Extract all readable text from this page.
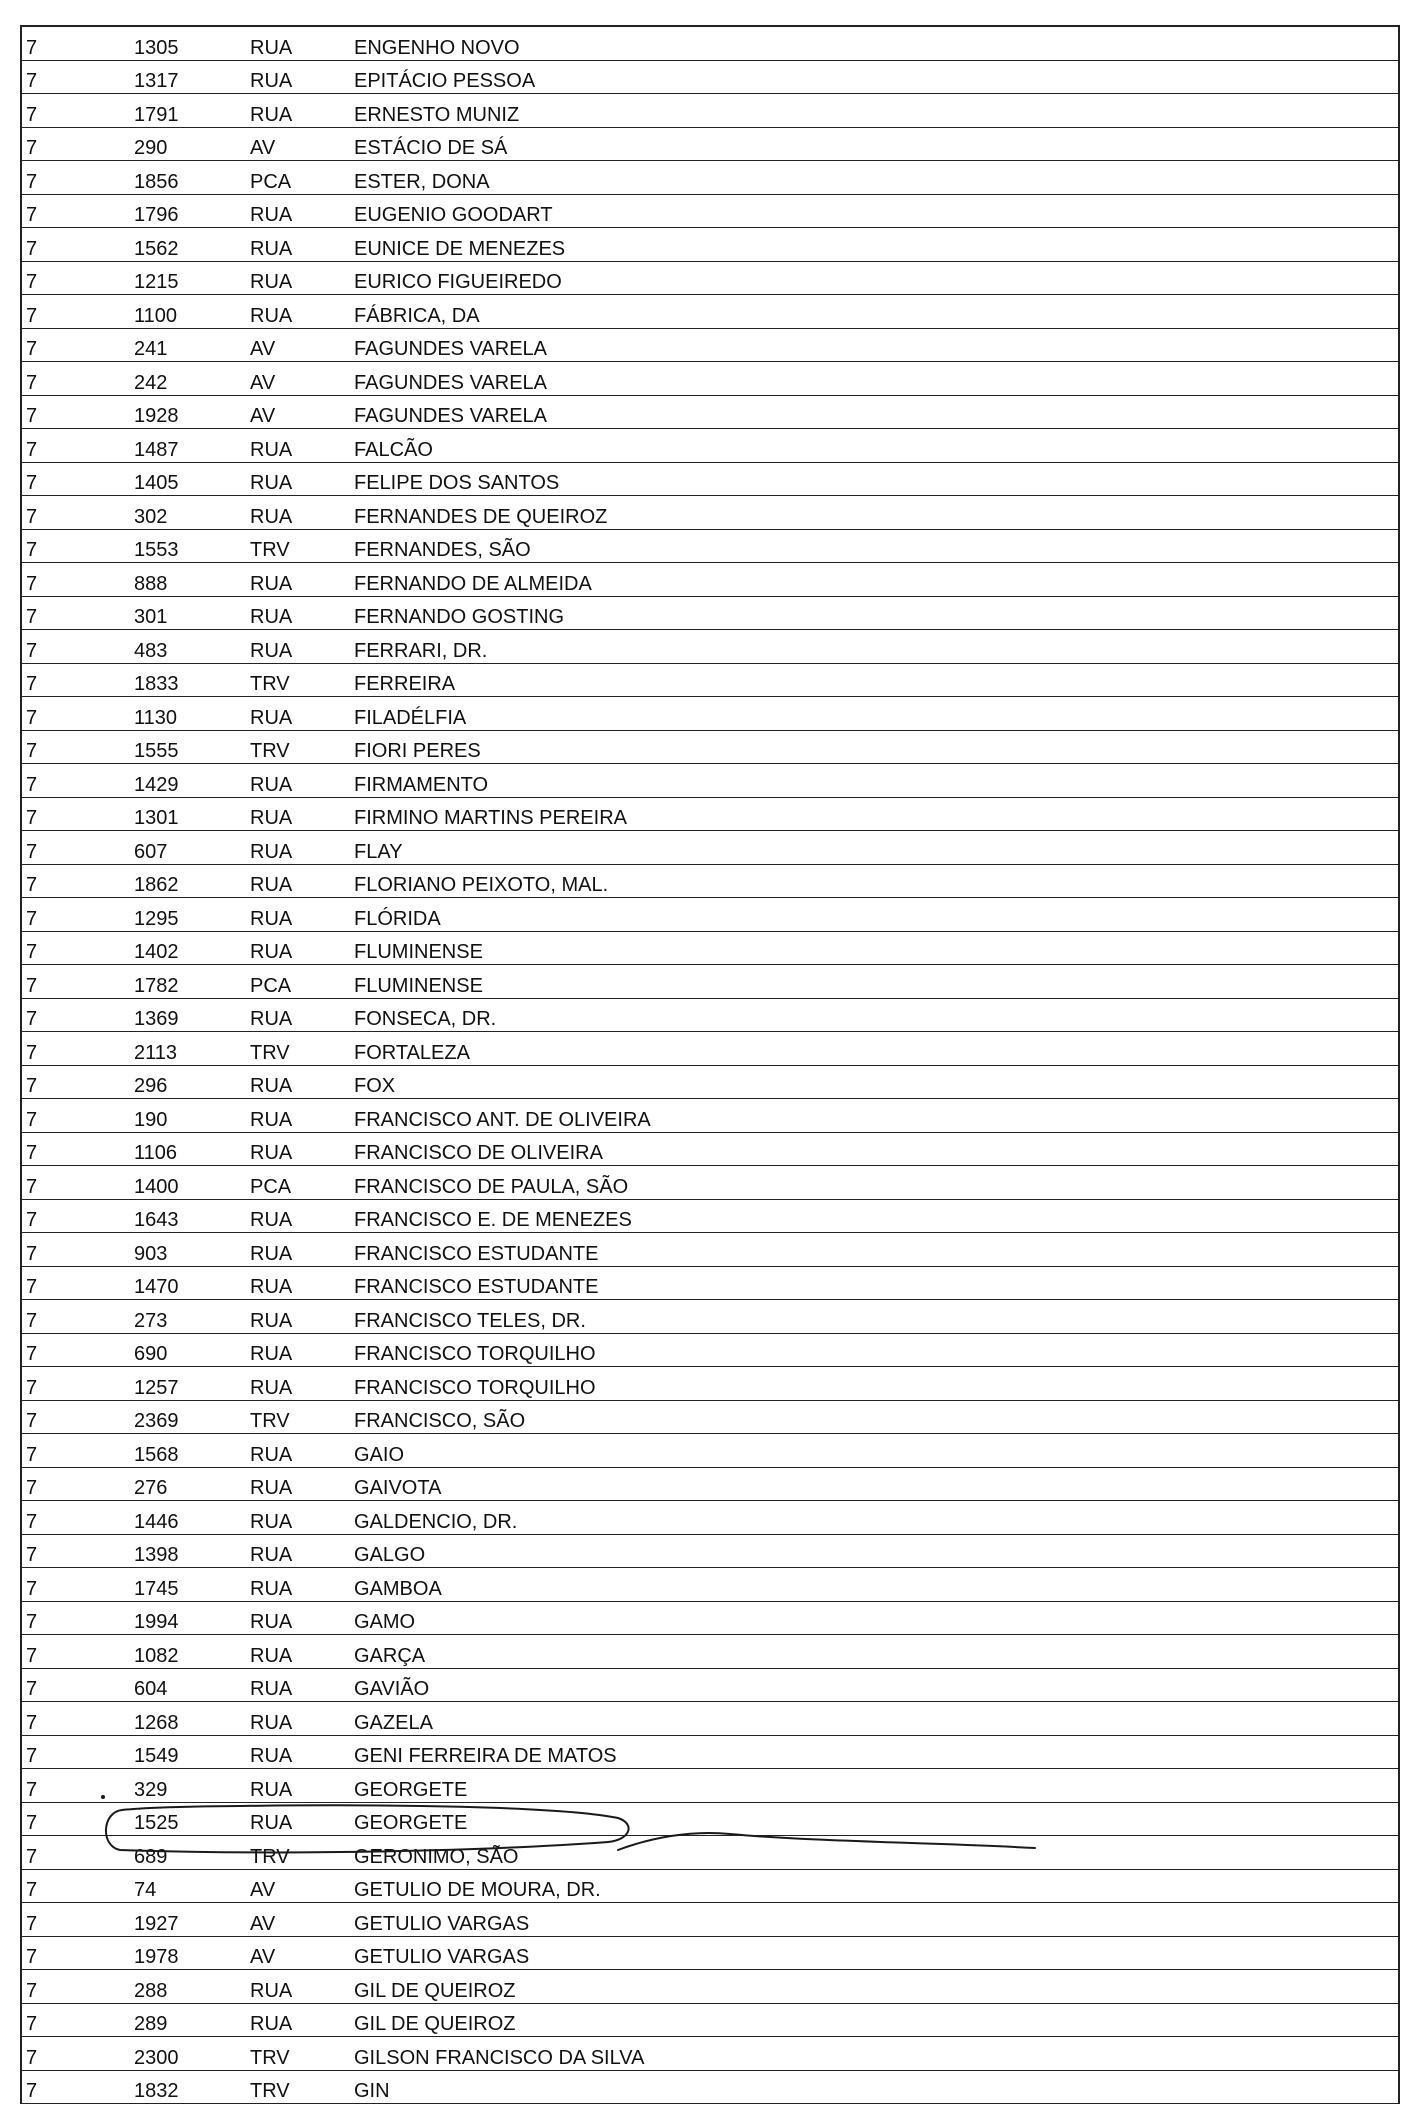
7	1305	RUA	ENGENHO NOVO
7	1317	RUA	EPITÁCIO PESSOA
7	1791	RUA	ERNESTO MUNIZ
7	290	AV	ESTÁCIO DE SÁ
7	1856	PCA	ESTER, DONA
7	1796	RUA	EUGENIO GOODART
7	1562	RUA	EUNICE DE MENEZES
7	1215	RUA	EURICO FIGUEIREDO
7	1100	RUA	FÁBRICA, DA
7	241	AV	FAGUNDES VARELA
7	242	AV	FAGUNDES VARELA
7	1928	AV	FAGUNDES VARELA
7	1487	RUA	FALCÃO
7	1405	RUA	FELIPE DOS SANTOS
7	302	RUA	FERNANDES DE QUEIROZ
7	1553	TRV	FERNANDES, SÃO
7	888	RUA	FERNANDO DE ALMEIDA
7	301	RUA	FERNANDO GOSTING
7	483	RUA	FERRARI, DR.
7	1833	TRV	FERREIRA
7	1130	RUA	FILADÉLFIA
7	1555	TRV	FIORI PERES
7	1429	RUA	FIRMAMENTO
7	1301	RUA	FIRMINO MARTINS PEREIRA
7	607	RUA	FLAY
7	1862	RUA	FLORIANO PEIXOTO, MAL.
7	1295	RUA	FLÓRIDA
7	1402	RUA	FLUMINENSE
7	1782	PCA	FLUMINENSE
7	1369	RUA	FONSECA, DR.
7	2113	TRV	FORTALEZA
7	296	RUA	FOX
7	190	RUA	FRANCISCO ANT. DE OLIVEIRA
7	1106	RUA	FRANCISCO DE OLIVEIRA
7	1400	PCA	FRANCISCO DE PAULA, SÃO
7	1643	RUA	FRANCISCO E. DE MENEZES
7	903	RUA	FRANCISCO ESTUDANTE
7	1470	RUA	FRANCISCO ESTUDANTE
7	273	RUA	FRANCISCO TELES, DR.
7	690	RUA	FRANCISCO TORQUILHO
7	1257	RUA	FRANCISCO TORQUILHO
7	2369	TRV	FRANCISCO, SÃO
7	1568	RUA	GAIO
7	276	RUA	GAIVOTA
7	1446	RUA	GALDENCIO, DR.
7	1398	RUA	GALGO
7	1745	RUA	GAMBOA
7	1994	RUA	GAMO
7	1082	RUA	GARÇA
7	604	RUA	GAVIÃO
7	1268	RUA	GAZELA
7	1549	RUA	GENI FERREIRA DE MATOS
7	329	RUA	GEORGETE
7	1525	RUA	GEORGETE
7	689	TRV	GERONIMO, SÃO
7	74	AV	GETULIO DE MOURA, DR.
7	1927	AV	GETULIO VARGAS
7	1978	AV	GETULIO VARGAS
7	288	RUA	GIL DE QUEIROZ
7	289	RUA	GIL DE QUEIROZ
7	2300	TRV	GILSON FRANCISCO DA SILVA
7	1832	TRV	GIN
